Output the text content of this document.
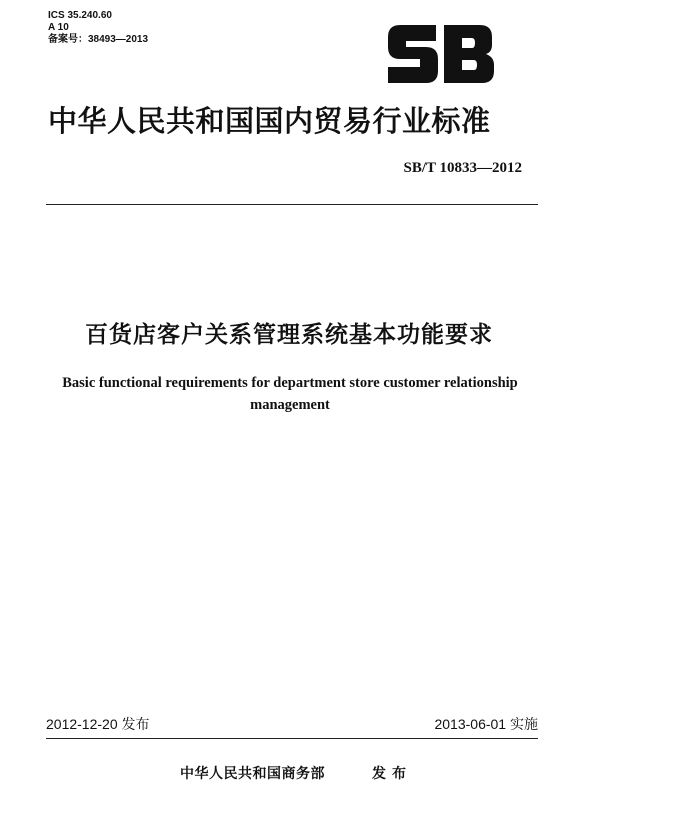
ICS 35.240.60
A 10
备案号：38493—2013
中华人民共和国国内贸易行业标准
SB/T 10833—2012
百货店客户关系管理系统基本功能要求
Basic functional requirements for department store customer relationship management
2012-12-20 发布	2013-06-01 实施
中华人民共和国商务部	发布
